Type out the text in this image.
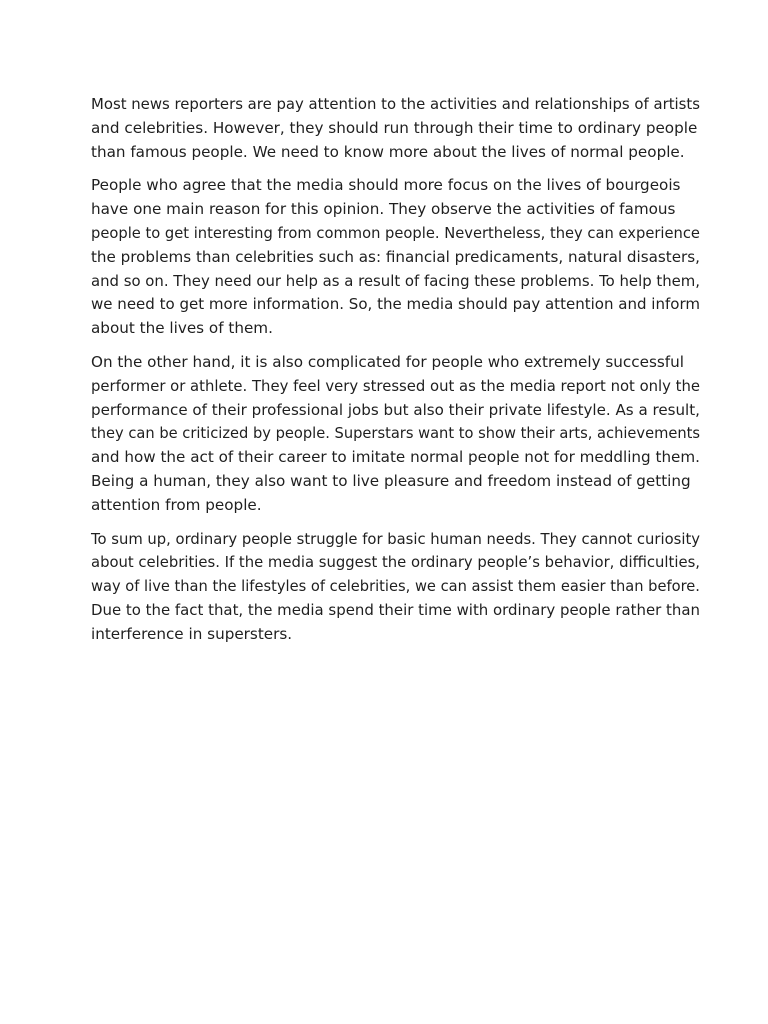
Most news reporters are pay attention to the activities and relationships of artists
and celebrities. However, they should run through their time to ordinary people
than famous people. We need to know more about the lives of normal people.

People who agree that the media should more focus on the lives of bourgeois
have one main reason for this opinion. They observe the activities of famous
people to get interesting from common people. Nevertheless, they can experience
the problems than celebrities such as: financial predicaments, natural disasters,
and so on. They need our help as a result of facing these problems. To help them,
we need to get more information. So, the media should pay attention and inform
about the lives of them.

On the other hand, it is also complicated for people who extremely successful
performer or athlete. They feel very stressed out as the media report not only the
performance of their professional jobs but also their private lifestyle. As a result,
they can be criticized by people. Superstars want to show their arts, achievements
and how the act of their career to imitate normal people not for meddling them.
Being a human, they also want to live pleasure and freedom instead of getting
attention from people.

To sum up, ordinary people struggle for basic human needs. They cannot curiosity
about celebrities. If the media suggest the ordinary people’s behavior, difficulties,
way of live than the lifestyles of celebrities, we can assist them easier than before.
Due to the fact that, the media spend their time with ordinary people rather than
interference in supersters.
